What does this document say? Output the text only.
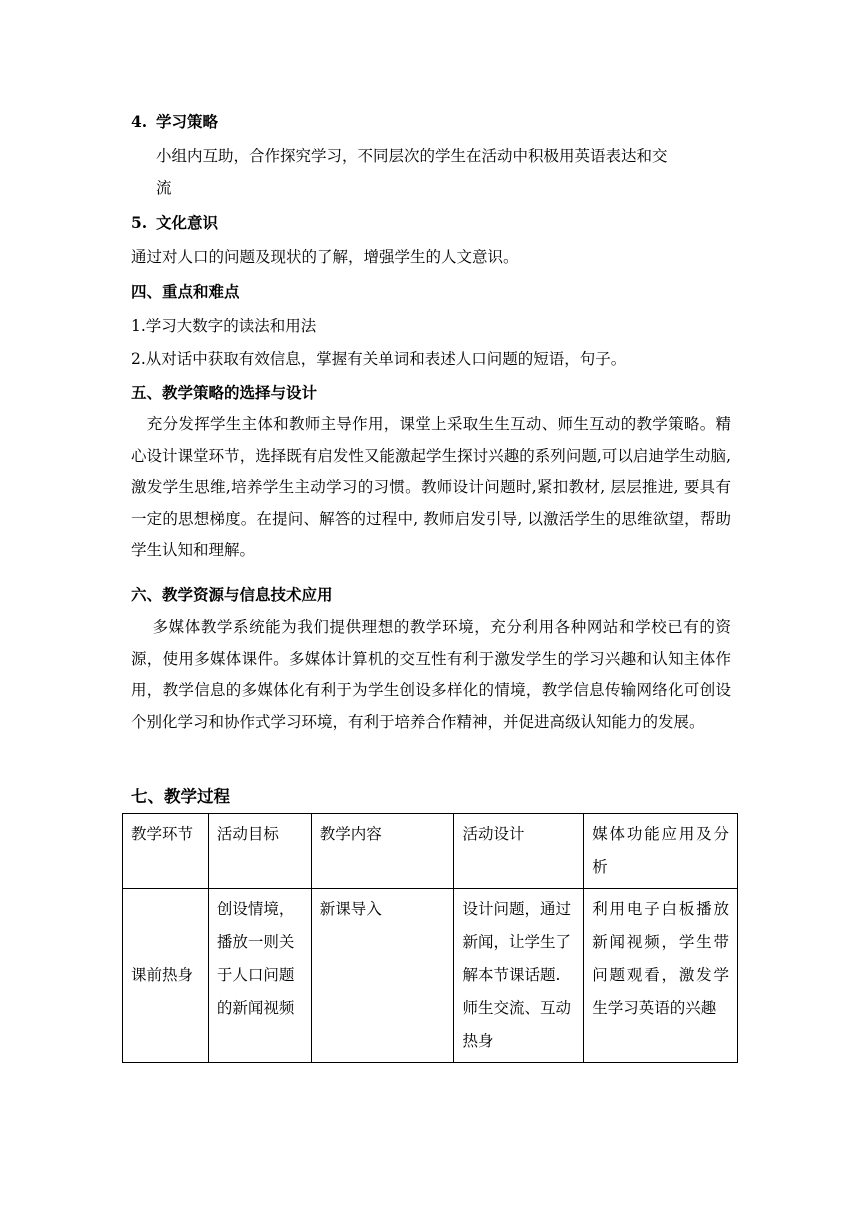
4. 学习策略
小组内互助，合作探究学习，不同层次的学生在活动中积极用英语表达和交
流
5. 文化意识
通过对人口的问题及现状的了解，增强学生的人文意识。
四、重点和难点
1.学习大数字的读法和用法
2.从对话中获取有效信息，掌握有关单词和表述人口问题的短语，句子。
五、教学策略的选择与设计
　充分发挥学生主体和教师主导作用，课堂上采取生生互动、师生互动的教学策略。精心设计课堂环节，选择既有启发性又能激起学生探讨兴趣的系列问题,可以启迪学生动脑, 激发学生思维,培养学生主动学习的习惯。教师设计问题时,紧扣教材, 层层推进, 要具有一定的思想梯度。在提问、解答的过程中, 教师启发引导, 以激活学生的思维欲望，帮助学生认知和理解。
六、教学资源与信息技术应用
　 多媒体教学系统能为我们提供理想的教学环境，充分利用各种网站和学校已有的资源，使用多媒体课件。多媒体计算机的交互性有利于激发学生的学习兴趣和认知主体作用，教学信息的多媒体化有利于为学生创设多样化的情境，教学信息传输网络化可创设个别化学习和协作式学习环境，有利于培养合作精神，并促进高级认知能力的发展。
七、教学过程
教学环节	活动目标	教学内容	活动设计	媒体功能应用及分析
课前热身	创设情境，播放一则关于人口问题的新闻视频	新课导入	设计问题，通过新闻，让学生了解本节课话题.师生交流、互动热身	利用电子白板播放新闻视频，学生带问题观看，激发学生学习英语的兴趣
